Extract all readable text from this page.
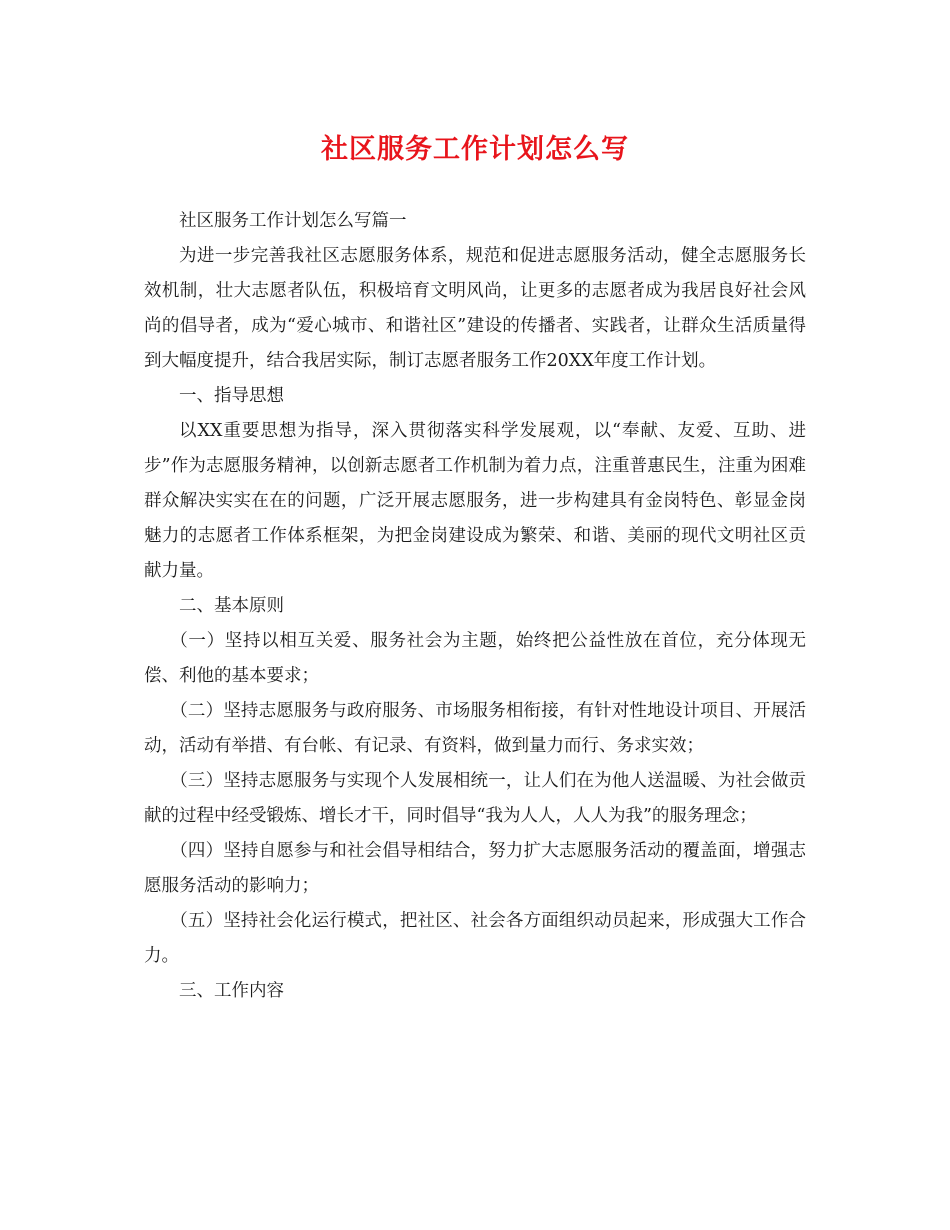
社区服务工作计划怎么写

社区服务工作计划怎么写篇一

为进一步完善我社区志愿服务体系，规范和促进志愿服务活动，健全志愿服务长效机制，壮大志愿者队伍，积极培育文明风尚，让更多的志愿者成为我居良好社会风尚的倡导者，成为“爱心城市、和谐社区”建设的传播者、实践者，让群众生活质量得到大幅度提升，结合我居实际，制订志愿者服务工作20XX年度工作计划。

一、指导思想

以XX重要思想为指导，深入贯彻落实科学发展观，以“奉献、友爱、互助、进步”作为志愿服务精神，以创新志愿者工作机制为着力点，注重普惠民生，注重为困难群众解决实实在在的问题，广泛开展志愿服务，进一步构建具有金岗特色、彰显金岗魅力的志愿者工作体系框架，为把金岗建设成为繁荣、和谐、美丽的现代文明社区贡献力量。

二、基本原则

（一）坚持以相互关爱、服务社会为主题，始终把公益性放在首位，充分体现无偿、利他的基本要求；

（二）坚持志愿服务与政府服务、市场服务相衔接，有针对性地设计项目、开展活动，活动有举措、有台帐、有记录、有资料，做到量力而行、务求实效；

（三）坚持志愿服务与实现个人发展相统一，让人们在为他人送温暖、为社会做贡献的过程中经受锻炼、增长才干，同时倡导“我为人人，人人为我”的服务理念；

（四）坚持自愿参与和社会倡导相结合，努力扩大志愿服务活动的覆盖面，增强志愿服务活动的影响力；

（五）坚持社会化运行模式，把社区、社会各方面组织动员起来，形成强大工作合力。

三、工作内容
